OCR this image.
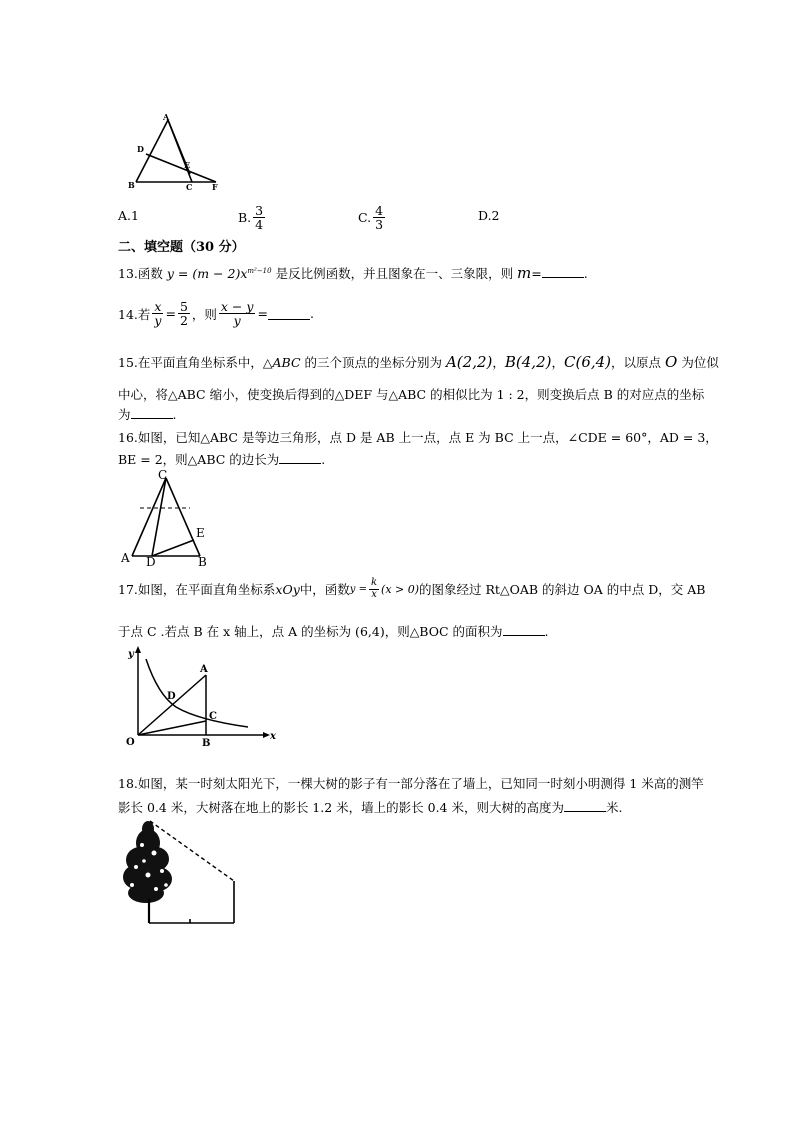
A
D
E
B	C F
A.1	B. $\frac{3}{4}$	C. $\frac{4}{3}$	D.2
二、填空题（30 分）
13.函数 $y = (m - 2)x^{m^2-10}$ 是反比例函数，并且图象在一、三象限，则 m=	.
14.若 $\frac{x}{y} = \frac{5}{2}$ ，则 $\frac{x - y}{y}$ =	.
15.在平面直角坐标系中，△ABC 的三个顶点的坐标分别为 A(2,2)，B(4,2)，C(6,4)，以原点 O 为位似
中心，将△ABC 缩小，使变换后得到的△DEF 与△ABC 的相似比为 1 : 2，则变换后点 B 的对应点的坐标
为	.
16.如图，已知△ABC 是等边三角形，点 D 是 AB 上一点，点 E 为 BC 上一点，∠CDE = 60°，AD = 3，
BE = 2，则△ABC 的边长为	.
C
E
A D	B
17.如图，在平面直角坐标系 xOy 中，函数 $y = \frac{k}{x} (x > 0)$ 的图象经过 Rt△OAB 的斜边 OA 的中点 D，交 AB
于点 C .若点 B 在 x 轴上，点 A 的坐标为 (6,4)，则△BOC 的面积为	.
y
A
D
C
O	B
x
18.如图，某一时刻太阳光下，一棵大树的影子有一部分落在了墙上，已知同一时刻小明测得 1 米高的测竿
影长 0.4 米，大树落在地上的影长 1.2 米，墙上的影长 0.4 米，则大树的高度为	米.
